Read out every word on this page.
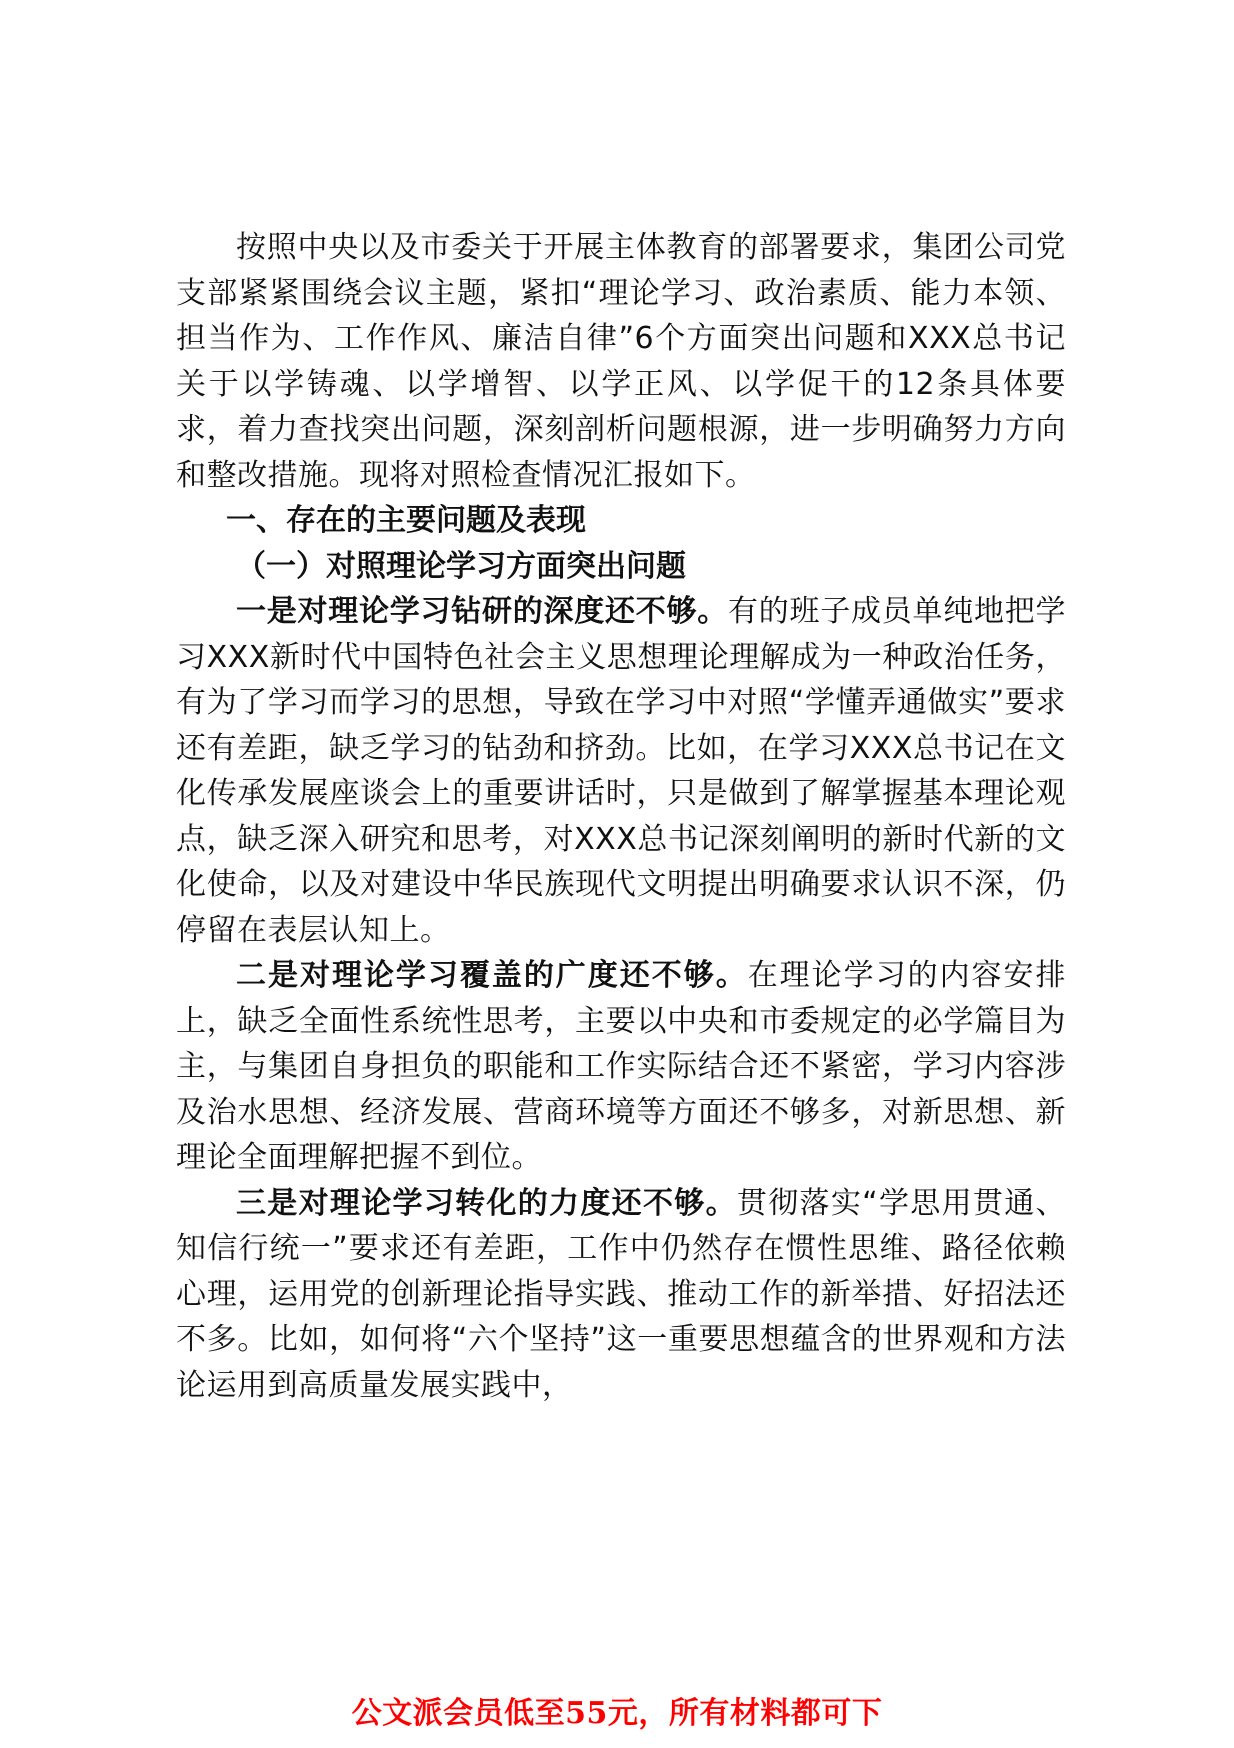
按照中央以及市委关于开展主体教育的部署要求，集团公司党支部紧紧围绕会议主题，紧扣“理论学习、政治素质、能力本领、担当作为、工作作风、廉洁自律”6个方面突出问题和XXX总书记关于以学铸魂、以学增智、以学正风、以学促干的12条具体要求，着力查找突出问题，深刻剖析问题根源，进一步明确努力方向和整改措施。现将对照检查情况汇报如下。

一、存在的主要问题及表现

（一）对照理论学习方面突出问题

一是对理论学习钻研的深度还不够。有的班子成员单纯地把学习XXX新时代中国特色社会主义思想理论理解成为一种政治任务，有为了学习而学习的思想，导致在学习中对照“学懂弄通做实”要求还有差距，缺乏学习的钻劲和挤劲。比如，在学习XXX总书记在文化传承发展座谈会上的重要讲话时，只是做到了解掌握基本理论观点，缺乏深入研究和思考，对XXX总书记深刻阐明的新时代新的文化使命，以及对建设中华民族现代文明提出明确要求认识不深，仍停留在表层认知上。

二是对理论学习覆盖的广度还不够。在理论学习的内容安排上，缺乏全面性系统性思考，主要以中央和市委规定的必学篇目为主，与集团自身担负的职能和工作实际结合还不紧密，学习内容涉及治水思想、经济发展、营商环境等方面还不够多，对新思想、新理论全面理解把握不到位。

三是对理论学习转化的力度还不够。贯彻落实“学思用贯通、知信行统一”要求还有差距，工作中仍然存在惯性思维、路径依赖心理，运用党的创新理论指导实践、推动工作的新举措、好招法还不多。比如，如何将“六个坚持”这一重要思想蕴含的世界观和方法论运用到高质量发展实践中，

公文派会员低至55元，所有材料都可下
